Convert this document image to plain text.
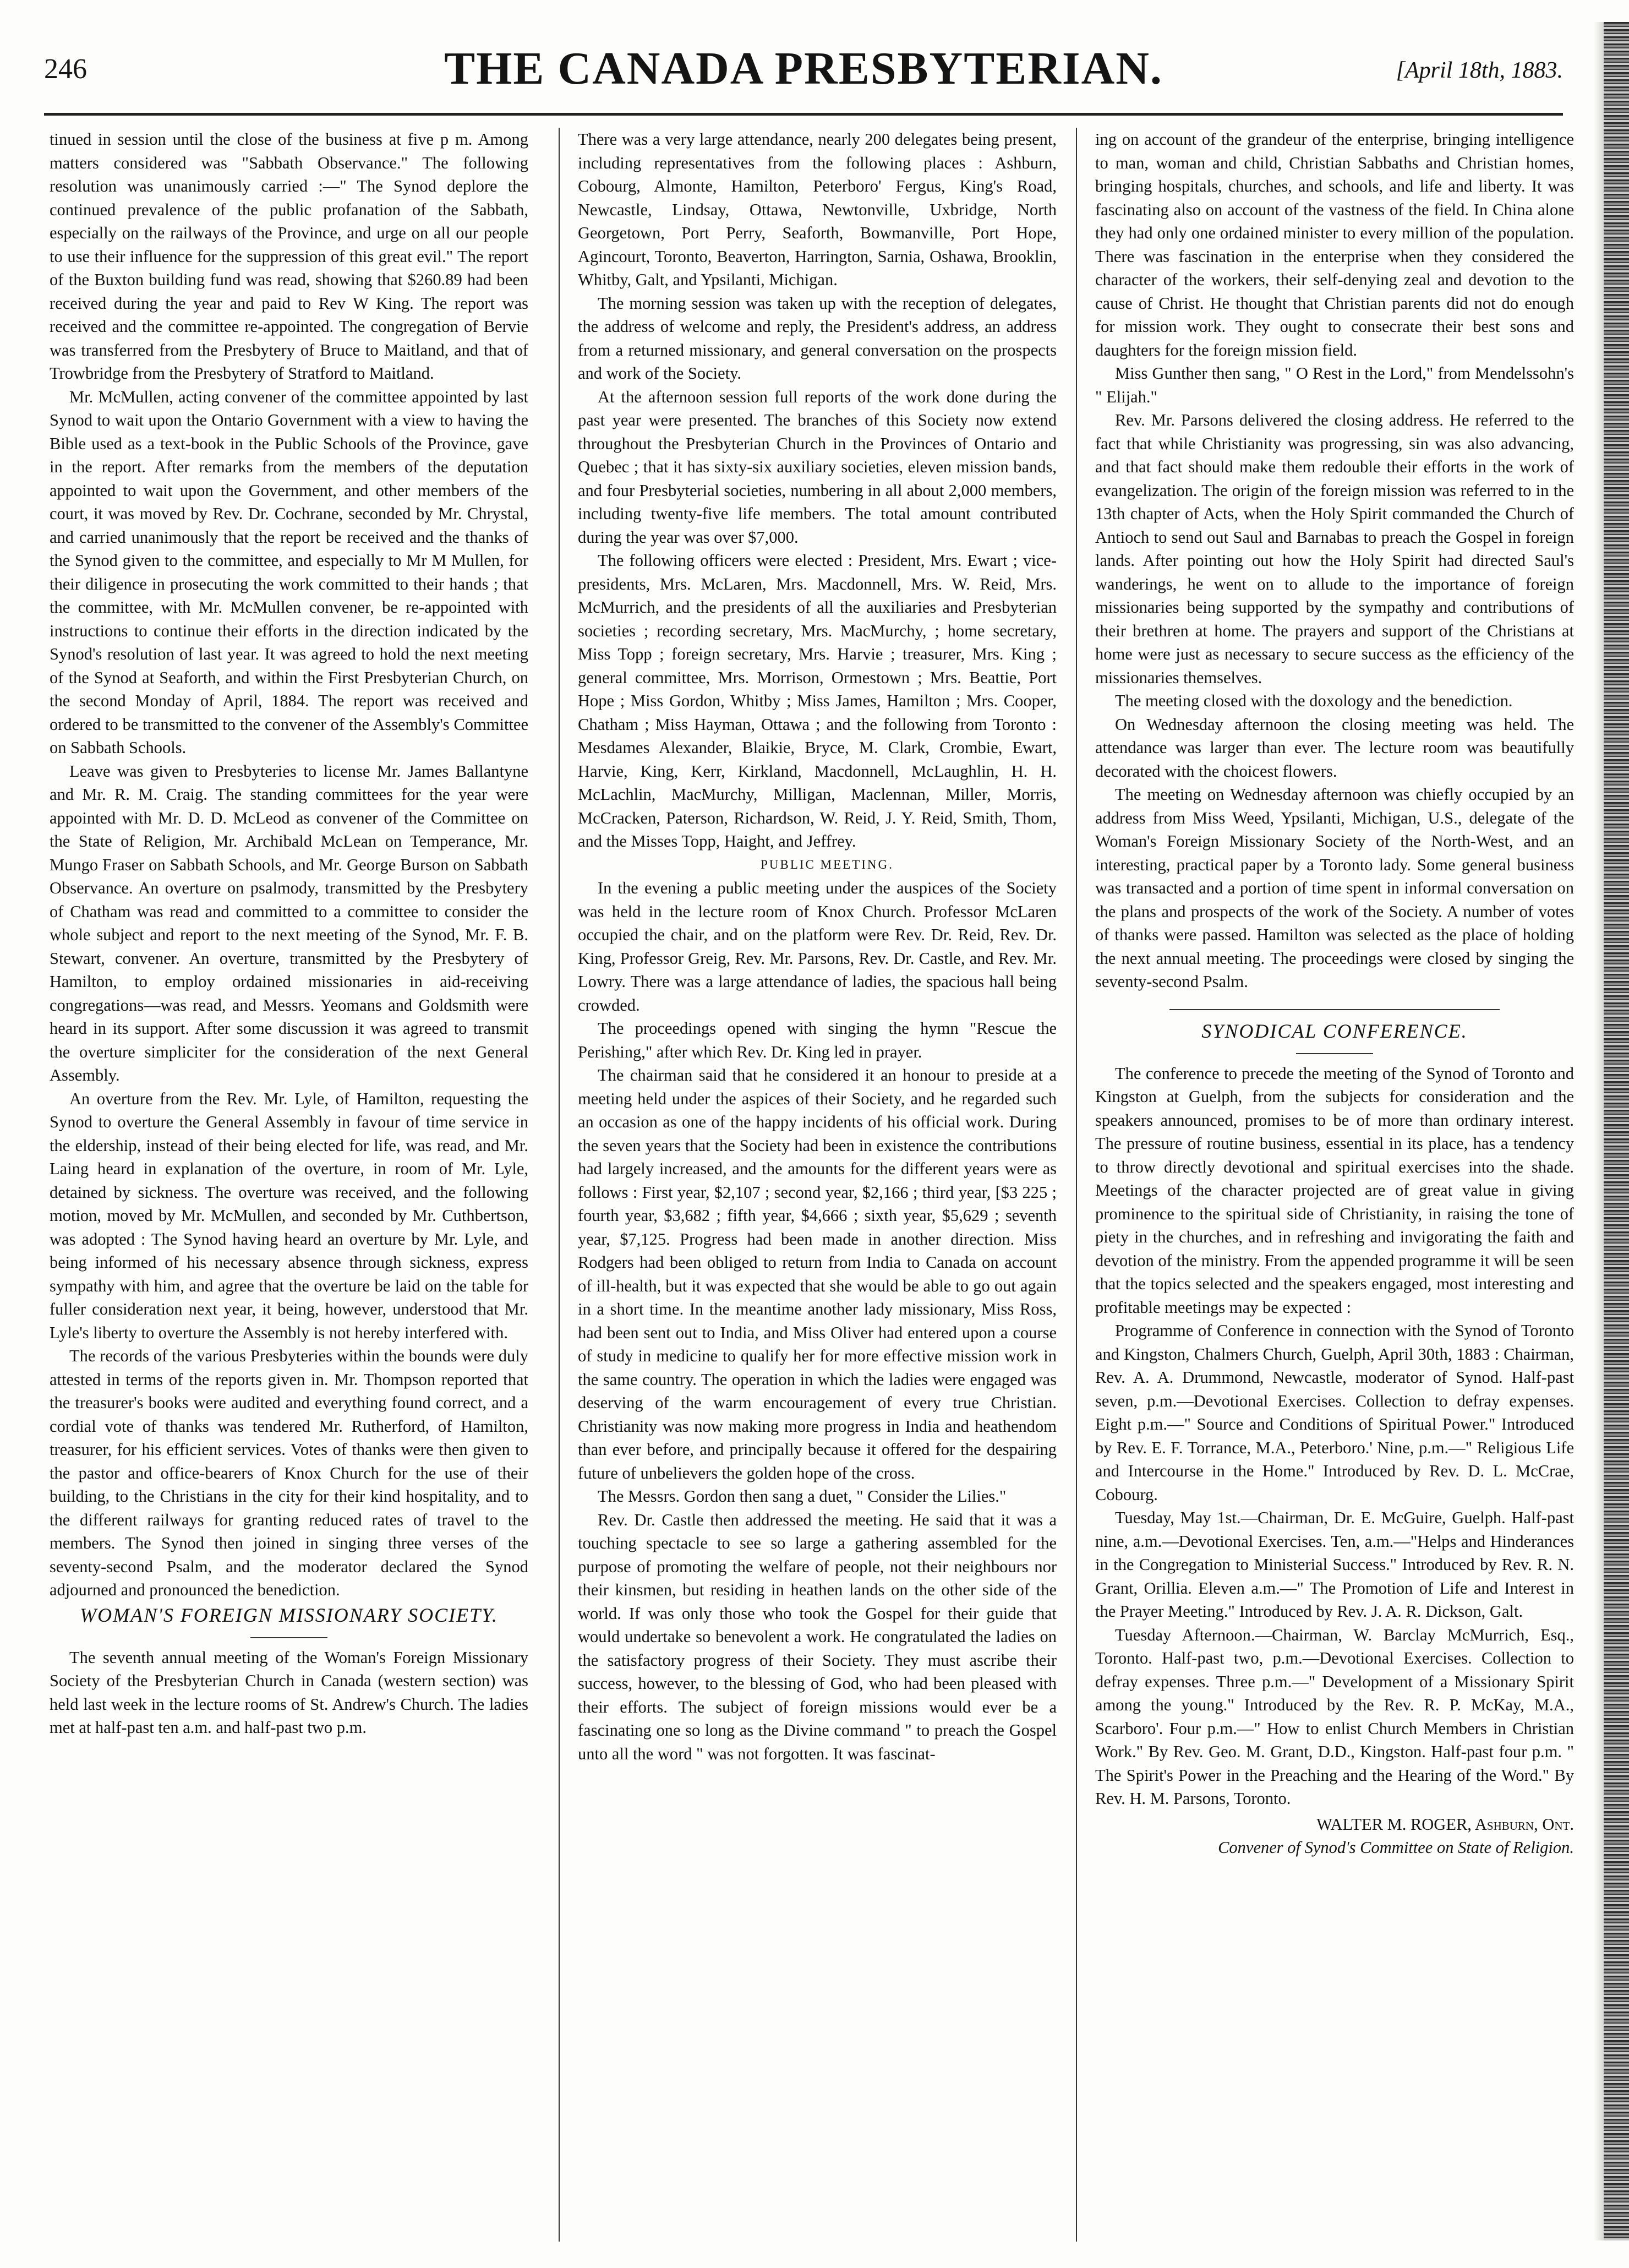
246	THE CANADA PRESBYTERIAN.	[April 18th, 1883.

tinued in session until the close of the business at five p m. Among matters considered was "Sabbath Observance." The following resolution was unanimously carried :—" The Synod deplore the continued prevalence of the public profanation of the Sabbath, especially on the railways of the Province, and urge on all our people to use their influence for the suppression of this great evil." The report of the Buxton building fund was read, showing that $260.89 had been received during the year and paid to Rev W King. The report was received and the committee re-appointed. The congregation of Bervie was transferred from the Presbytery of Bruce to Maitland, and that of Trowbridge from the Presbytery of Stratford to Maitland.

Mr. McMullen, acting convener of the committee appointed by last Synod to wait upon the Ontario Government with a view to having the Bible used as a text-book in the Public Schools of the Province, gave in the report. After remarks from the members of the deputation appointed to wait upon the Government, and other members of the court, it was moved by Rev. Dr. Cochrane, seconded by Mr. Chrystal, and carried unanimously that the report be received and the thanks of the Synod given to the committee, and especially to Mr M Mullen, for their diligence in prosecuting the work committed to their hands ; that the committee, with Mr. McMullen convener, be re-appointed with instructions to continue their efforts in the direction indicated by the Synod's resolution of last year. It was agreed to hold the next meeting of the Synod at Seaforth, and within the First Presbyterian Church, on the second Monday of April, 1884. The report was received and ordered to be transmitted to the convener of the Assembly's Committee on Sabbath Schools.

Leave was given to Presbyteries to license Mr. James Ballantyne and Mr. R. M. Craig. The standing committees for the year were appointed with Mr. D. D. McLeod as convener of the Committee on the State of Religion, Mr. Archibald McLean on Temperance, Mr. Mungo Fraser on Sabbath Schools, and Mr. George Burson on Sabbath Observance. An overture on psalmody, transmitted by the Presbytery of Chatham was read and committed to a committee to consider the whole subject and report to the next meeting of the Synod, Mr. F. B. Stewart, convener. An overture, transmitted by the Presbytery of Hamilton, to employ ordained missionaries in aid-receiving congregations—was read, and Messrs. Yeomans and Goldsmith were heard in its support. After some discussion it was agreed to transmit the overture simpliciter for the consideration of the next General Assembly.

An overture from the Rev. Mr. Lyle, of Hamilton, requesting the Synod to overture the General Assembly in favour of time service in the eldership, instead of their being elected for life, was read, and Mr. Laing heard in explanation of the overture, in room of Mr. Lyle, detained by sickness. The overture was received, and the following motion, moved by Mr. McMullen, and seconded by Mr. Cuthbertson, was adopted : The Synod having heard an overture by Mr. Lyle, and being informed of his necessary absence through sickness, express sympathy with him, and agree that the overture be laid on the table for fuller consideration next year, it being, however, understood that Mr. Lyle's liberty to overture the Assembly is not hereby interfered with.

The records of the various Presbyteries within the bounds were duly attested in terms of the reports given in. Mr. Thompson reported that the treasurer's books were audited and everything found correct, and a cordial vote of thanks was tendered Mr. Rutherford, of Hamilton, treasurer, for his efficient services. Votes of thanks were then given to the pastor and office-bearers of Knox Church for the use of their building, to the Christians in the city for their kind hospitality, and to the different railways for granting reduced rates of travel to the members. The Synod then joined in singing three verses of the seventy-second Psalm, and the moderator declared the Synod adjourned and pronounced the benediction.

WOMAN'S FOREIGN MISSIONARY SOCIETY.

The seventh annual meeting of the Woman's Foreign Missionary Society of the Presbyterian Church in Canada (western section) was held last week in the lecture rooms of St. Andrew's Church. The ladies met at half-past ten a.m. and half-past two p.m.

There was a very large attendance, nearly 200 delegates being present, including representatives from the following places : Ashburn, Cobourg, Almonte, Hamilton, Peterboro' Fergus, King's Road, Newcastle, Lindsay, Ottawa, Newtonville, Uxbridge, North Georgetown, Port Perry, Seaforth, Bowmanville, Port Hope, Agincourt, Toronto, Beaverton, Harrington, Sarnia, Oshawa, Brooklin, Whitby, Galt, and Ypsilanti, Michigan.

The morning session was taken up with the reception of delegates, the address of welcome and reply, the President's address, an address from a returned missionary, and general conversation on the prospects and work of the Society.

At the afternoon session full reports of the work done during the past year were presented. The branches of this Society now extend throughout the Presbyterian Church in the Provinces of Ontario and Quebec ; that it has sixty-six auxiliary societies, eleven mission bands, and four Presbyterial societies, numbering in all about 2,000 members, including twenty-five life members. The total amount contributed during the year was over $7,000.

The following officers were elected : President, Mrs. Ewart ; vice-presidents, Mrs. McLaren, Mrs. Macdonnell, Mrs. W. Reid, Mrs. McMurrich, and the presidents of all the auxiliaries and Presbyterian societies ; recording secretary, Mrs. MacMurchy, ; home secretary, Miss Topp ; foreign secretary, Mrs. Harvie ; treasurer, Mrs. King ; general committee, Mrs. Morrison, Ormestown ; Mrs. Beattie, Port Hope ; Miss Gordon, Whitby ; Miss James, Hamilton ; Mrs. Cooper, Chatham ; Miss Hayman, Ottawa ; and the following from Toronto : Mesdames Alexander, Blaikie, Bryce, M. Clark, Crombie, Ewart, Harvie, King, Kerr, Kirkland, Macdonnell, McLaughlin, H. H. McLachlin, MacMurchy, Milligan, Maclennan, Miller, Morris, McCracken, Paterson, Richardson, W. Reid, J. Y. Reid, Smith, Thom, and the Misses Topp, Haight, and Jeffrey.

PUBLIC MEETING.

In the evening a public meeting under the auspices of the Society was held in the lecture room of Knox Church. Professor McLaren occupied the chair, and on the platform were Rev. Dr. Reid, Rev. Dr. King, Professor Greig, Rev. Mr. Parsons, Rev. Dr. Castle, and Rev. Mr. Lowry. There was a large attendance of ladies, the spacious hall being crowded.

The proceedings opened with singing the hymn "Rescue the Perishing," after which Rev. Dr. King led in prayer.

The chairman said that he considered it an honour to preside at a meeting held under the aspices of their Society, and he regarded such an occasion as one of the happy incidents of his official work. During the seven years that the Society had been in existence the contributions had largely increased, and the amounts for the different years were as follows : First year, $2,107 ; second year, $2,166 ; third year, [$3 225 ; fourth year, $3,682 ; fifth year, $4,666 ; sixth year, $5,629 ; seventh year, $7,125. Progress had been made in another direction. Miss Rodgers had been obliged to return from India to Canada on account of ill-health, but it was expected that she would be able to go out again in a short time. In the meantime another lady missionary, Miss Ross, had been sent out to India, and Miss Oliver had entered upon a course of study in medicine to qualify her for more effective mission work in the same country. The operation in which the ladies were engaged was deserving of the warm encouragement of every true Christian. Christianity was now making more progress in India and heathendom than ever before, and principally because it offered for the despairing future of unbelievers the golden hope of the cross.

The Messrs. Gordon then sang a duet, " Consider the Lilies."

Rev. Dr. Castle then addressed the meeting. He said that it was a touching spectacle to see so large a gathering assembled for the purpose of promoting the welfare of people, not their neighbours nor their kinsmen, but residing in heathen lands on the other side of the world. If was only those who took the Gospel for their guide that would undertake so benevolent a work. He congratulated the ladies on the satisfactory progress of their Society. They must ascribe their success, however, to the blessing of God, who had been pleased with their efforts. The subject of foreign missions would ever be a fascinating one so long as the Divine command " to preach the Gospel unto all the word " was not forgotten. It was fascinat-

ing on account of the grandeur of the enterprise, bringing intelligence to man, woman and child, Christian Sabbaths and Christian homes, bringing hospitals, churches, and schools, and life and liberty. It was fascinating also on account of the vastness of the field. In China alone they had only one ordained minister to every million of the population. There was fascination in the enterprise when they considered the character of the workers, their self-denying zeal and devotion to the cause of Christ. He thought that Christian parents did not do enough for mission work. They ought to consecrate their best sons and daughters for the foreign mission field.

Miss Gunther then sang, " O Rest in the Lord," from Mendelssohn's " Elijah."

Rev. Mr. Parsons delivered the closing address. He referred to the fact that while Christianity was progressing, sin was also advancing, and that fact should make them redouble their efforts in the work of evangelization. The origin of the foreign mission was referred to in the 13th chapter of Acts, when the Holy Spirit commanded the Church of Antioch to send out Saul and Barnabas to preach the Gospel in foreign lands. After pointing out how the Holy Spirit had directed Saul's wanderings, he went on to allude to the importance of foreign missionaries being supported by the sympathy and contributions of their brethren at home. The prayers and support of the Christians at home were just as necessary to secure success as the efficiency of the missionaries themselves.

The meeting closed with the doxology and the benediction.

On Wednesday afternoon the closing meeting was held. The attendance was larger than ever. The lecture room was beautifully decorated with the choicest flowers.

The meeting on Wednesday afternoon was chiefly occupied by an address from Miss Weed, Ypsilanti, Michigan, U.S., delegate of the Woman's Foreign Missionary Society of the North-West, and an interesting, practical paper by a Toronto lady. Some general business was transacted and a portion of time spent in informal conversation on the plans and prospects of the work of the Society. A number of votes of thanks were passed. Hamilton was selected as the place of holding the next annual meeting. The proceedings were closed by singing the seventy-second Psalm.

SYNODICAL CONFERENCE.

The conference to precede the meeting of the Synod of Toronto and Kingston at Guelph, from the subjects for consideration and the speakers announced, promises to be of more than ordinary interest. The pressure of routine business, essential in its place, has a tendency to throw directly devotional and spiritual exercises into the shade. Meetings of the character projected are of great value in giving prominence to the spiritual side of Christianity, in raising the tone of piety in the churches, and in refreshing and invigorating the faith and devotion of the ministry. From the appended programme it will be seen that the topics selected and the speakers engaged, most interesting and profitable meetings may be expected :

Programme of Conference in connection with the Synod of Toronto and Kingston, Chalmers Church, Guelph, April 30th, 1883 : Chairman, Rev. A. A. Drummond, Newcastle, moderator of Synod. Half-past seven, p.m.—Devotional Exercises. Collection to defray expenses. Eight p.m.—" Source and Conditions of Spiritual Power." Introduced by Rev. E. F. Torrance, M.A., Peterboro.' Nine, p.m.—" Religious Life and Intercourse in the Home." Introduced by Rev. D. L. McCrae, Cobourg.

Tuesday, May 1st.—Chairman, Dr. E. McGuire, Guelph. Half-past nine, a.m.—Devotional Exercises. Ten, a.m.—"Helps and Hinderances in the Congregation to Ministerial Success." Introduced by Rev. R. N. Grant, Orillia. Eleven a.m.—" The Promotion of Life and Interest in the Prayer Meeting." Introduced by Rev. J. A. R. Dickson, Galt.

Tuesday Afternoon.—Chairman, W. Barclay McMurrich, Esq., Toronto. Half-past two, p.m.—Devotional Exercises. Collection to defray expenses. Three p.m.—" Development of a Missionary Spirit among the young." Introduced by the Rev. R. P. McKay, M.A., Scarboro'. Four p.m.—" How to enlist Church Members in Christian Work." By Rev. Geo. M. Grant, D.D., Kingston. Half-past four p.m. " The Spirit's Power in the Preaching and the Hearing of the Word." By Rev. H. M. Parsons, Toronto.

WALTER M. ROGER, Ashburn, Ont.

Convener of Synod's Committee on State of Religion.
